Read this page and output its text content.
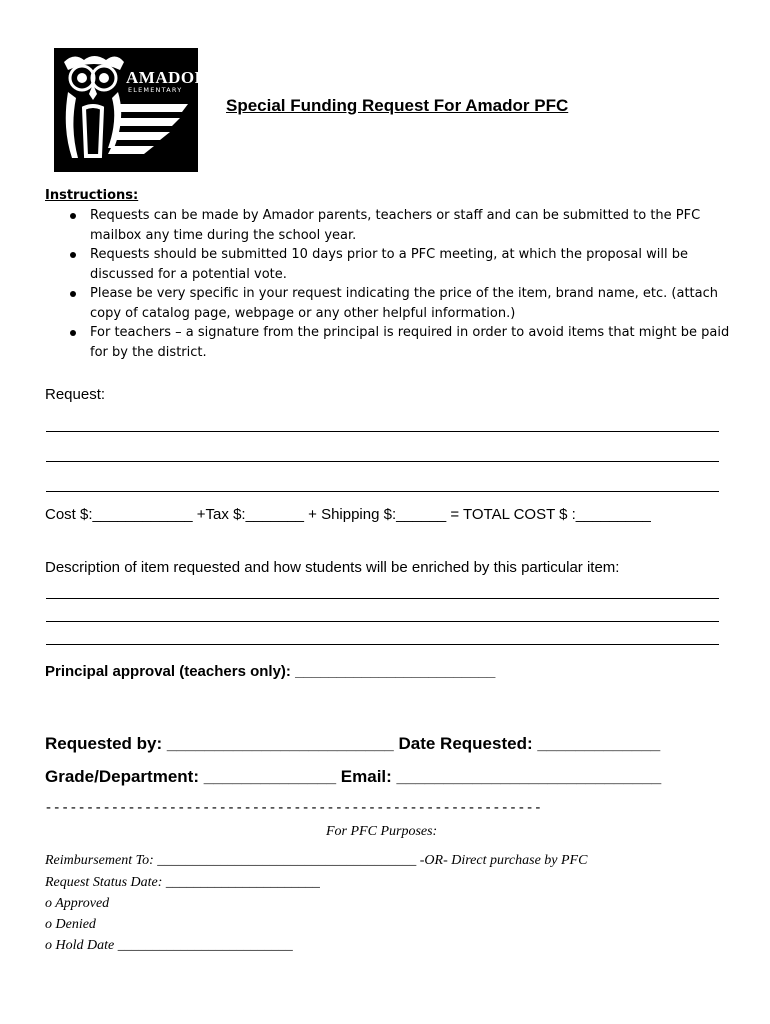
AMADOR
ELEMENTARY
Special Funding Request For Amador PFC
Instructions:
Requests can be made by Amador parents, teachers or staff and can be submitted to the PFC mailbox any time during the school year.
Requests should be submitted 10 days prior to a PFC meeting, at which the proposal will be discussed for a potential vote.
Please be very specific in your request indicating the price of the item, brand name, etc. (attach copy of catalog page, webpage or any other helpful information.)
For teachers – a signature from the principal is required in order to avoid items that might be paid for by the district.
Request:
Cost $:____________ +Tax $:_______ + Shipping $:______ = TOTAL COST $ :_________
Description of item requested and how students will be enriched by this particular item:
Principal approval (teachers only): ________________________
Requested by: ________________________ Date Requested: _____________
Grade/Department: ______________ Email: ____________________________
------------------------------------------------------------
For PFC Purposes:
Reimbursement To: _____________________________________ -OR- Direct purchase by PFC
Request Status Date: ______________________
o Approved
o Denied
o Hold Date _________________________
